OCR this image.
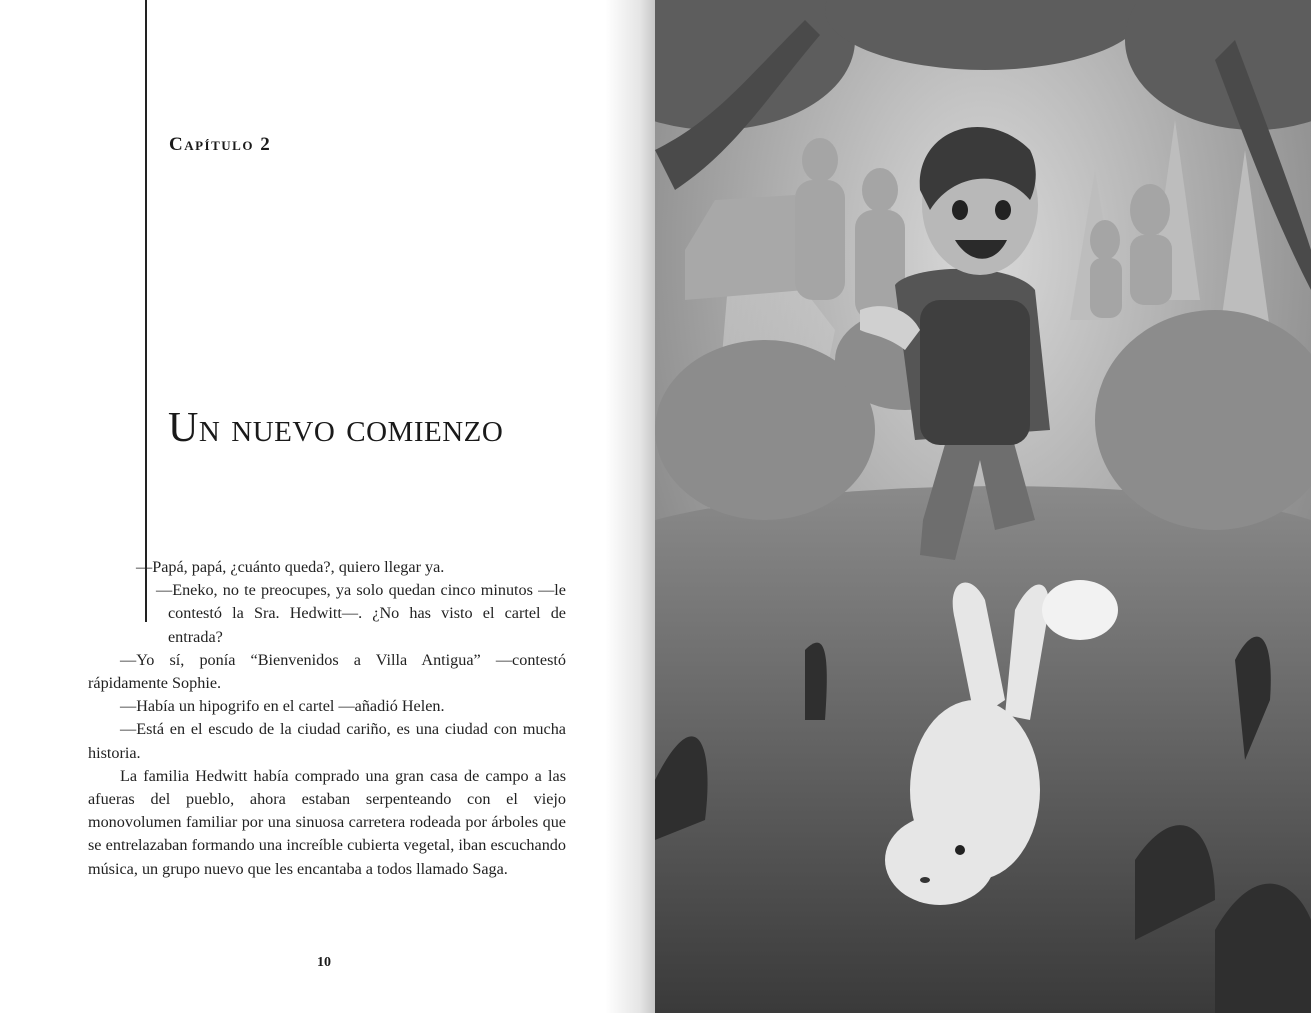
Capítulo 2
Un nuevo comienzo

—Papá, papá, ¿cuánto queda?, quiero llegar ya.

—Eneko, no te preocupes, ya solo quedan cinco minutos —le contestó la Sra. Hedwitt—. ¿No has visto el cartel de entrada?

—Yo sí, ponía “Bienvenidos a Villa Antigua” —contestó rápidamente Sophie.

—Había un hipogrifo en el cartel —añadió Helen.

—Está en el escudo de la ciudad cariño, es una ciudad con mucha historia.

La familia Hedwitt había comprado una gran casa de campo a las afueras del pueblo, ahora estaban serpenteando con el viejo monovolumen familiar por una sinuosa carretera rodeada por árboles que se entrelazaban formando una increíble cubierta vegetal, iban escuchando música, un grupo nuevo que les encantaba a todos llamado Saga.

10
